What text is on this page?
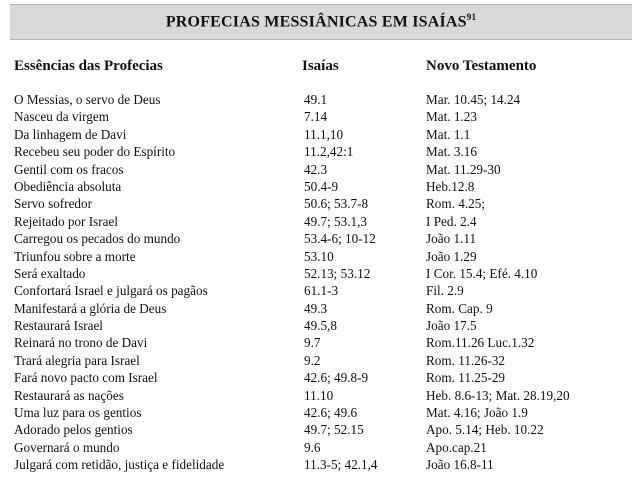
PROFECIAS MESSIÂNICAS EM ISAÍAS$^{91}$
Essências das Profecias	Isaías	Novo Testamento
O Messias, o servo de Deus	49.1	Mar. 10.45; 14.24
Nasceu da virgem	7.14	Mat. 1.23
Da linhagem de Davi	11.1,10	Mat. 1.1
Recebeu seu poder do Espírito	11.2,42:1	Mat. 3.16
Gentil com os fracos	42.3	Mat. 11.29-30
Obediência absoluta	50.4-9	Heb.12.8
Servo sofredor	50.6; 53.7-8	Rom. 4.25;
Rejeitado por Israel	49.7; 53.1,3	I Ped. 2.4
Carregou os pecados do mundo	53.4-6; 10-12	João 1.11
Triunfou sobre a morte	53.10	João 1.29
Será exaltado	52.13; 53.12	I Cor. 15.4; Efé. 4.10
Confortará Israel e julgará os pagãos	61.1-3	Fil. 2.9
Manifestará a glória de Deus	49.3	Rom. Cap. 9
Restaurará Israel	49.5,8	João 17.5
Reinará no trono de Davi	9.7	Rom.11.26 Luc.1.32
Trará alegria para Israel	9.2	Rom. 11.26-32
Fará novo pacto com Israel	42.6; 49.8-9	Rom. 11.25-29
Restaurará as nações	11.10	Heb. 8.6-13; Mat. 28.19,20
Uma luz para os gentios	42.6; 49.6	Mat. 4.16; João 1.9
Adorado pelos gentios	49.7; 52.15	Apo. 5.14; Heb. 10.22
Governará o mundo	9.6	Apo.cap.21
Julgará com retidão, justiça e fidelidade	11.3-5; 42.1,4	João 16.8-11
